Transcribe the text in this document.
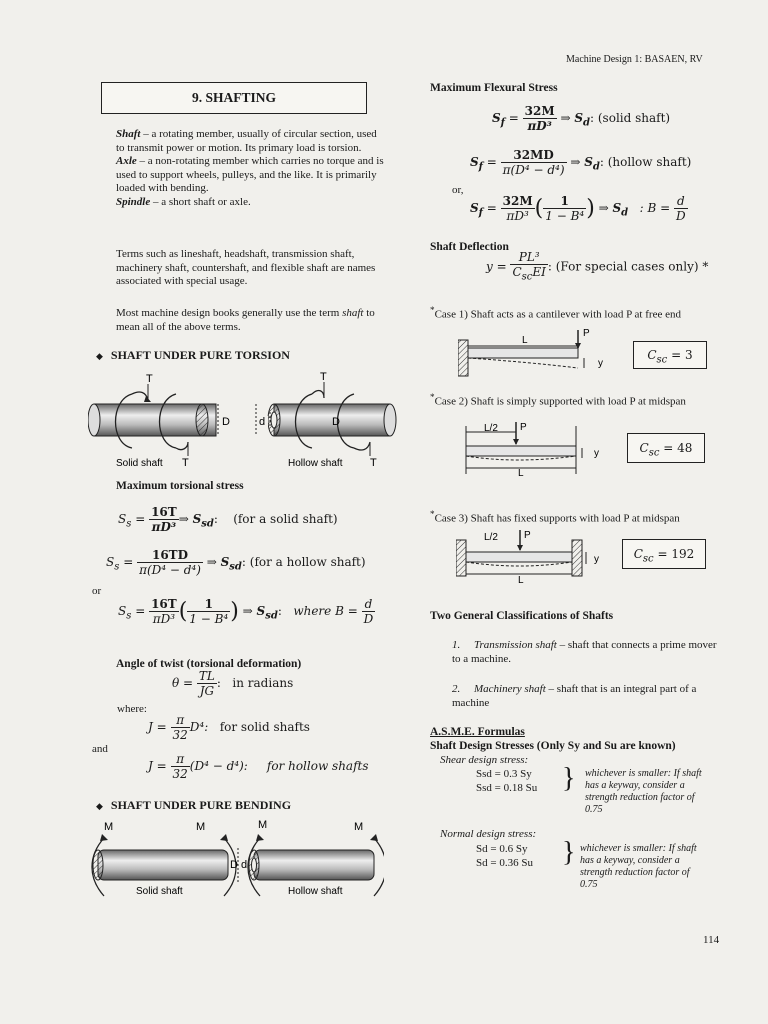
Machine Design 1: BASAEN, RV
9. SHAFTING
Shaft – a rotating member, usually of circular section, used to transmit power or motion. Its primary load is torsion.
Axle – a non-rotating member which carries no torque and is used to support wheels, pulleys, and the like. It is primarily loaded with bending.
Spindle – a short shaft or axle.
Terms such as lineshaft, headshaft, transmission shaft, machinery shaft, countershaft, and flexible shaft are names associated with special usage.
Most machine design books generally use the term shaft to mean all of the above terms.
◆ SHAFT UNDER PURE TORSION
D
T
Solid shaft T
d	D
T
Hollow shaft	T
Maximum torsional stress
$S_s = \frac{16T}{\text{πD³}}$ ⇒ $S_{sd}$:    (for a solid shaft)
$S_s = \frac{16TD}{\text{π(D⁴ − d⁴)}}$ ⇒ $S_{sd}$: (for a hollow shaft)
or
$S_s = \frac{16T}{\text{πD³}}$ ( $\frac{1}{\text{1 − B⁴}}$ ) ⇒ $S_{sd}$:   where $B = \frac{d}{D}$
Angle of twist (torsional deformation)
$\theta = \frac{TL}{JG}$ :   in radians
where:
$J = \frac{\pi}{32} D^4$: for solid shafts
and
$J = \frac{\pi}{32} (D^4 - d^4)$: for hollow shafts
◆ SHAFT UNDER PURE BENDING
M	M
D d
Solid shaft
M	M
Hollow shaft
Maximum Flexural Stress
$S_f = \frac{32M}{\text{πD³}}$ ⇒ $S_d$: (solid shaft)
$S_f = \frac{32MD}{\text{π(D⁴ − d⁴)}}$ ⇒ $S_d$: (hollow shaft)
or,
$S_f = \frac{32M}{\text{πD³}}$ ( $\frac{1}{\text{1 − B⁴}}$ ) ⇒ $S_d$ : $B = \frac{d}{D}$
Shaft Deflection
$y = \frac{\text{PL³}}{C_{sc}EI}$ : (For special cases only) *
*Case 1) Shaft acts as a cantilever with load P at free end
L
P
y
$C_{sc} = 3$
*Case 2) Shaft is simply supported with load P at midspan
L/2 P
L
y	$C_{sc} = 48$
*Case 3) Shaft has fixed supports with load P at midspan
L/2	P
L
y	$C_{sc} = 192$
Two General Classifications of Shafts
1. Transmission shaft – shaft that connects a prime mover to a machine.
2. Machinery shaft – shaft that is an integral part of a machine
A.S.M.E. Formulas
Shaft Design Stresses (Only Sy and Su are known)
Shear design stress:
Ssd = 0.3 Sy
Ssd = 0.18 Su } whichever is smaller: If shaft has a keyway, consider a strength reduction factor of 0.75
Normal design stress:
Sd = 0.6 Sy
Sd = 0.36 Su } whichever is smaller: If shaft has a keyway, consider a strength reduction factor of 0.75
114
